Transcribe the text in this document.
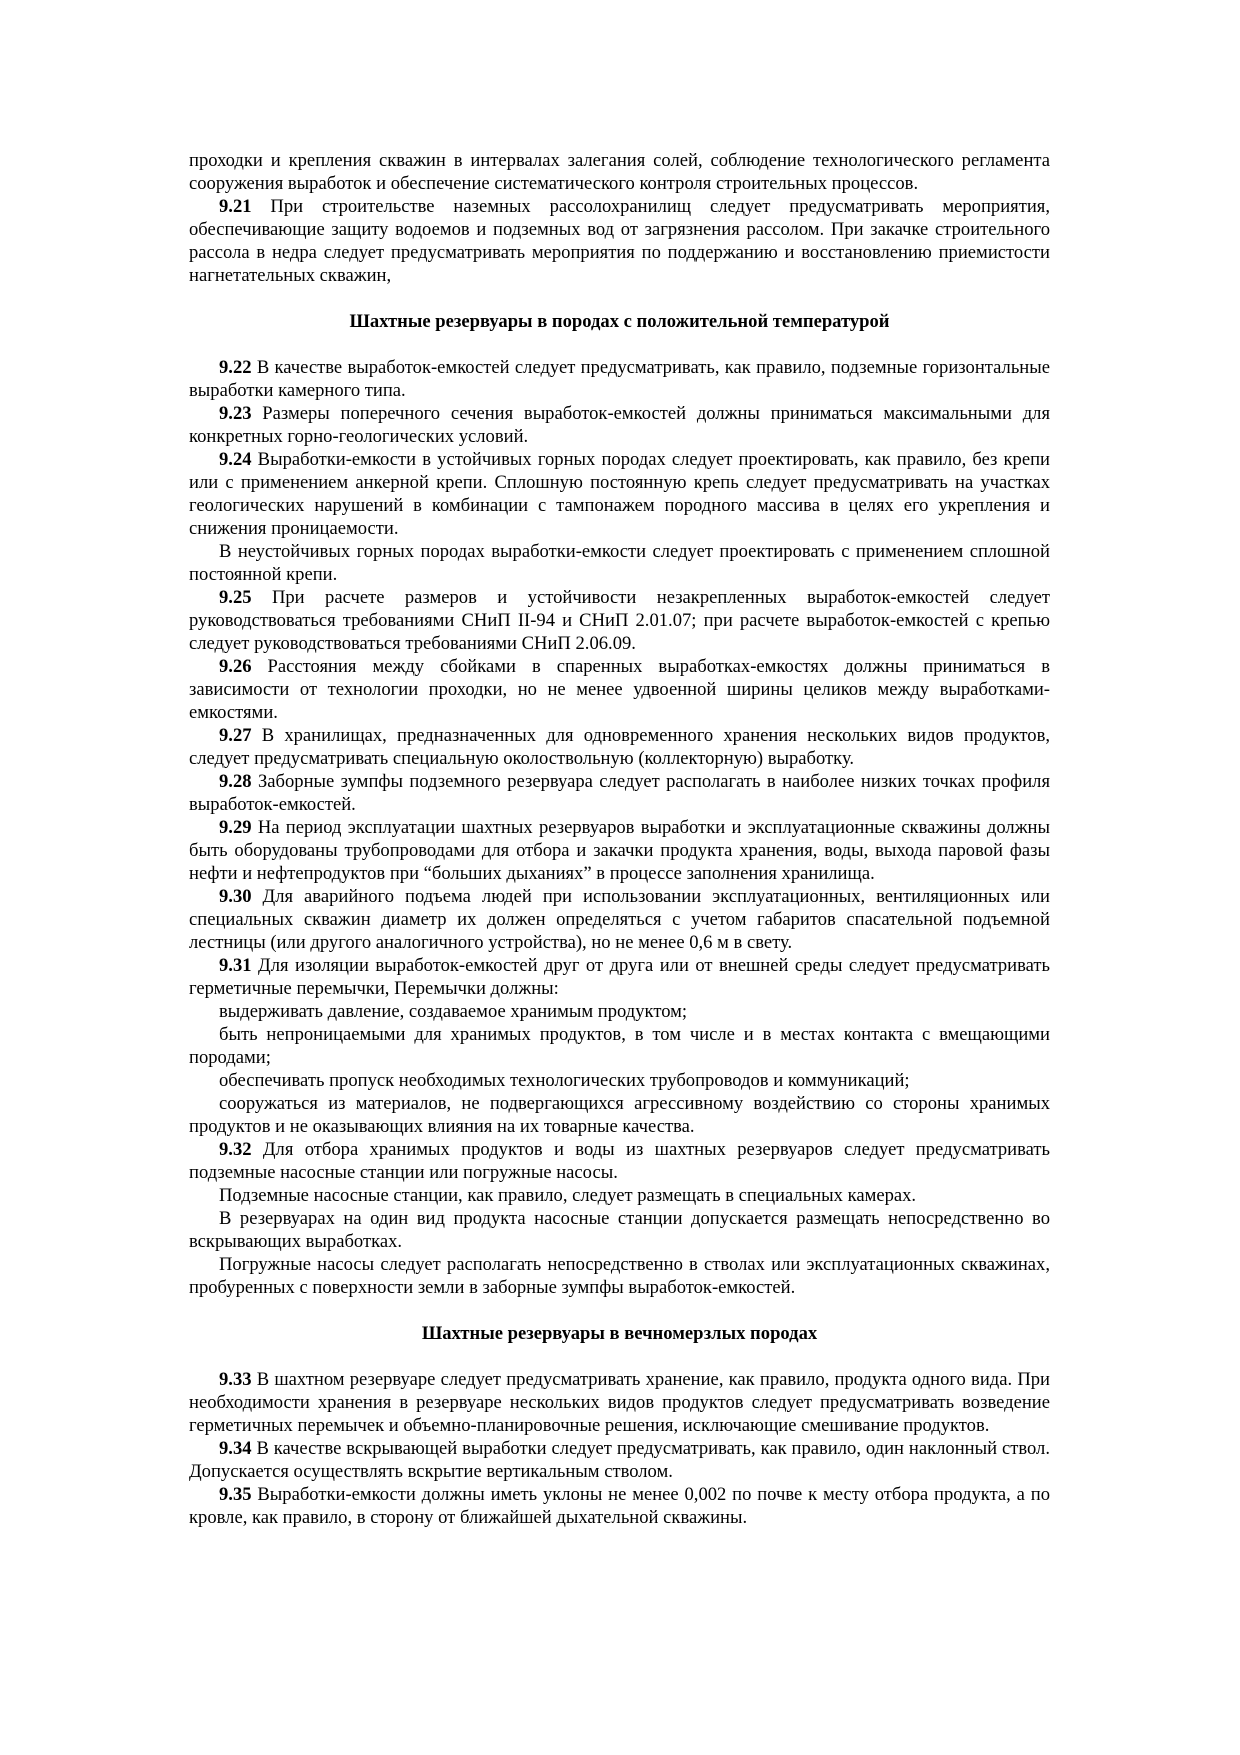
проходки и крепления скважин в интервалах залегания солей, соблюдение технологического регламента сооружения выработок и обеспечение систематического контроля строительных процессов.

9.21 При строительстве наземных рассолохранилищ следует предусматривать мероприятия, обеспечивающие защиту водоемов и подземных вод от загрязнения рассолом. При закачке строительного рассола в недра следует предусматривать мероприятия по поддержанию и восстановлению приемистости нагнетательных скважин,

Шахтные резервуары в породах с положительной температурой

9.22 В качестве выработок-емкостей следует предусматривать, как правило, подземные горизонтальные выработки камерного типа.

9.23 Размеры поперечного сечения выработок-емкостей должны приниматься максимальными для конкретных горно-геологических условий.

9.24 Выработки-емкости в устойчивых горных породах следует проектировать, как правило, без крепи или с применением анкерной крепи. Сплошную постоянную крепь следует предусматривать на участках геологических нарушений в комбинации с тампонажем породного массива в целях его укрепления и снижения проницаемости.

В неустойчивых горных породах выработки-емкости следует проектировать с применением сплошной постоянной крепи.

9.25 При расчете размеров и устойчивости незакрепленных выработок-емкостей следует руководствоваться требованиями СНиП II-94 и СНиП 2.01.07; при расчете выработок-емкостей с крепью следует руководствоваться требованиями СНиП 2.06.09.

9.26 Расстояния между сбойками в спаренных выработках-емкостях должны приниматься в зависимости от технологии проходки, но не менее удвоенной ширины целиков между выработками-емкостями.

9.27 В хранилищах, предназначенных для одновременного хранения нескольких видов продуктов, следует предусматривать специальную околоствольную (коллекторную) выработку.

9.28 Заборные зумпфы подземного резервуара следует располагать в наиболее низких точках профиля выработок-емкостей.

9.29 На период эксплуатации шахтных резервуаров выработки и эксплуатационные скважины должны быть оборудованы трубопроводами для отбора и закачки продукта хранения, воды, выхода паровой фазы нефти и нефтепродуктов при “больших дыханиях” в процессе заполнения хранилища.

9.30 Для аварийного подъема людей при использовании эксплуатационных, вентиляционных или специальных скважин диаметр их должен определяться с учетом габаритов спасательной подъемной лестницы (или другого аналогичного устройства), но не менее 0,6 м в свету.

9.31 Для изоляции выработок-емкостей друг от друга или от внешней среды следует предусматривать герметичные перемычки, Перемычки должны:

выдерживать давление, создаваемое хранимым продуктом;

быть непроницаемыми для хранимых продуктов, в том числе и в местах контакта с вмещающими породами;

обеспечивать пропуск необходимых технологических трубопроводов и коммуникаций;

сооружаться из материалов, не подвергающихся агрессивному воздействию со стороны хранимых продуктов и не оказывающих влияния на их товарные качества.

9.32 Для отбора хранимых продуктов и воды из шахтных резервуаров следует предусматривать подземные насосные станции или погружные насосы.

Подземные насосные станции, как правило, следует размещать в специальных камерах.

В резервуарах на один вид продукта насосные станции допускается размещать непосредственно во вскрывающих выработках.

Погружные насосы следует располагать непосредственно в стволах или эксплуатационных скважинах, пробуренных с поверхности земли в заборные зумпфы выработок-емкостей.

Шахтные резервуары в вечномерзлых породах

9.33 В шахтном резервуаре следует предусматривать хранение, как правило, продукта одного вида. При необходимости хранения в резервуаре нескольких видов продуктов следует предусматривать возведение герметичных перемычек и объемно-планировочные решения, исключающие смешивание продуктов.

9.34 В качестве вскрывающей выработки следует предусматривать, как правило, один наклонный ствол. Допускается осуществлять вскрытие вертикальным стволом.

9.35 Выработки-емкости должны иметь уклоны не менее 0,002 по почве к месту отбора продукта, а по кровле, как правило, в сторону от ближайшей дыхательной скважины.
